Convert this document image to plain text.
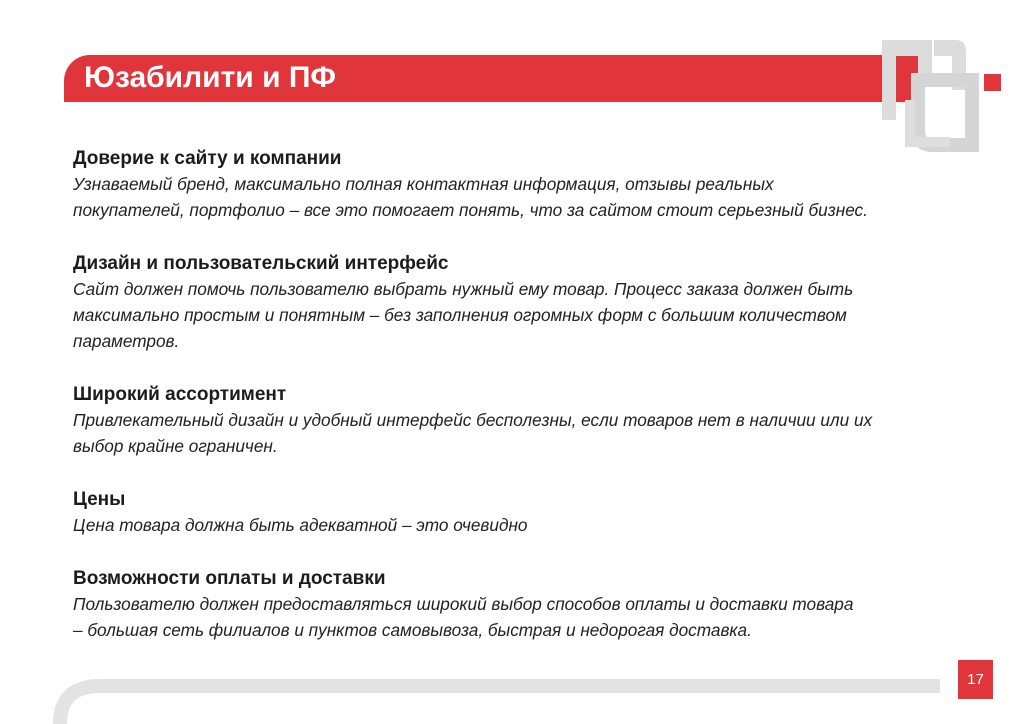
Юзабилити и ПФ
Доверие к сайту и компании
Узнаваемый бренд, максимально полная контактная информация, отзывы реальных
покупателей, портфолио – все это помогает понять, что за сайтом стоит серьезный бизнес.
Дизайн и пользовательский интерфейс
Сайт должен помочь пользователю выбрать нужный ему товар. Процесс заказа должен быть
максимально простым и понятным – без заполнения огромных форм с большим количеством
параметров.
Широкий ассортимент
Привлекательный дизайн и удобный интерфейс бесполезны, если товаров нет в наличии или их
выбор крайне ограничен.
Цены
Цена товара должна быть адекватной – это очевидно
Возможности оплаты и доставки
Пользователю должен предоставляться широкий выбор способов оплаты и доставки товара
– большая сеть филиалов и пунктов самовывоза, быстрая и недорогая доставка.
17
